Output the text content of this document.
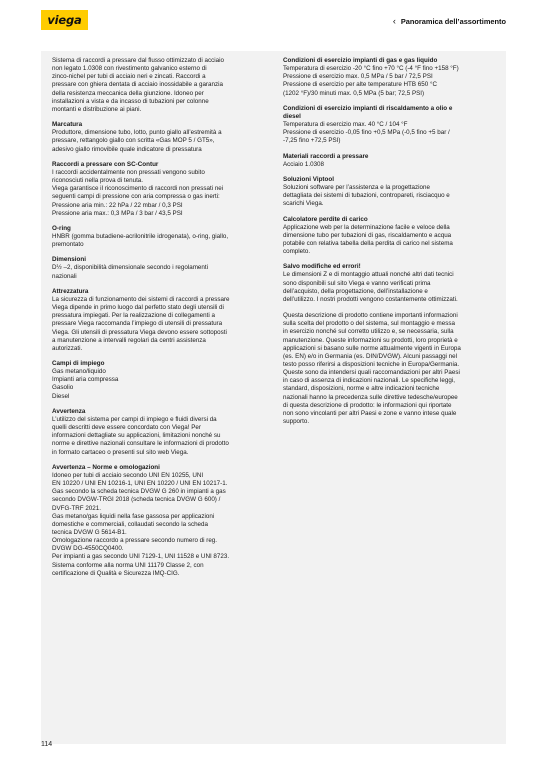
viega	‹ Panoramica dell’assortimento

Sistema di raccordi a pressare dal flusso ottimizzato di acciaio
non legato 1.0308 con rivestimento galvanico esterno di
zinco-nichel per tubi di acciaio neri e zincati. Raccordi a
pressare con ghiera dentata di acciaio inossidabile a garanzia
della resistenza meccanica della giunzione. Idoneo per
installazioni a vista e da incasso di tubazioni per colonne
montanti e distribuzione ai piani.

Marcatura

Produttore, dimensione tubo, lotto, punto giallo all’estremità a
pressare, rettangolo giallo con scritta «Gas MOP 5 / GT5»,
adesivo giallo rimovibile quale indicatore di pressatura

Raccordi a pressare con SC-Contur

I raccordi accidentalmente non pressati vengono subito
riconosciuti nella prova di tenuta.
Viega garantisce il riconoscimento di raccordi non pressati nei
seguenti campi di pressione con aria compressa o gas inerti:
Pressione aria min.: 22 hPa / 22 mbar / 0,3 PSI
Pressione aria max.: 0,3 MPa / 3 bar / 43,5 PSI

O-ring

HNBR (gomma butadiene-acrilonitrile idrogenata), o-ring, giallo,
premontato

Dimensioni

D½ –2, disponibilità dimensionale secondo i regolamenti
nazionali

Attrezzatura

La sicurezza di funzionamento dei sistemi di raccordi a pressare
Viega dipende in primo luogo dal perfetto stato degli utensili di
pressatura impiegati. Per la realizzazione di collegamenti a
pressare Viega raccomanda l’impiego di utensili di pressatura
Viega. Gli utensili di pressatura Viega devono essere sottoposti
a manutenzione a intervalli regolari da centri assistenza
autorizzati.

Campi di impiego

Gas metano/liquido
Impianti aria compressa
Gasolio
Diesel

Avvertenza

L’utilizzo del sistema per campi di impiego e fluidi diversi da
quelli descritti deve essere concordato con Viega! Per
informazioni dettagliate su applicazioni, limitazioni nonché su
norme e direttive nazionali consultare le informazioni di prodotto
in formato cartaceo o presenti sul sito web Viega.

Avvertenza – Norme e omologazioni

Idoneo per tubi di acciaio secondo UNI EN 10255, UNI
EN 10220 / UNI EN 10216-1, UNI EN 10220 / UNI EN 10217-1.
Gas secondo la scheda tecnica DVGW G 260 in impianti a gas
secondo DVGW-TRGI 2018 (scheda tecnica DVGW G 600) /
DVFG-TRF 2021.
Gas metano/gas liquidi nella fase gassosa per applicazioni
domestiche e commerciali, collaudati secondo la scheda
tecnica DVGW G 5614-B1.
Omologazione raccordo a pressare secondo numero di reg.
DVGW DG-4550CQ0400.
Per impianti a gas secondo UNI 7129-1, UNI 11528 e UNI 8723.
Sistema conforme alla norma UNI 11179 Classe 2, con
certificazione di Qualità e Sicurezza IMQ-CIG.

Condizioni di esercizio impianti di gas e gas liquido

Temperatura di esercizio -20 °C fino +70 °C (-4 °F fino +158 °F)
Pressione di esercizio max. 0,5 MPa / 5 bar / 72,5 PSI
Pressione di esercizio per alte temperature HTB 650 °C
(1202 °F)/30 minuti max. 0,5 MPa (5 bar; 72,5 PSI)

Condizioni di esercizio impianti di riscaldamento a olio e
diesel

Temperatura di esercizio max. 40 °C / 104 °F
Pressione di esercizio -0,05 fino +0,5 MPa (-0,5 fino +5 bar /
-7,25 fino +72,5 PSI)

Materiali raccordi a pressare

Acciaio 1.0308

Soluzioni Viptool

Soluzioni software per l’assistenza e la progettazione
dettagliata dei sistemi di tubazioni, contropareti, risciacquo e
scarichi Viega.

Calcolatore perdite di carico

Applicazione web per la determinazione facile e veloce della
dimensione tubo per tubazioni di gas, riscaldamento e acqua
potabile con relativa tabella della perdita di carico nel sistema
completo.

Salvo modifiche ed errori!

Le dimensioni Z e di montaggio attuali nonché altri dati tecnici
sono disponibili sul sito Viega e vanno verificati prima
dell’acquisto, della progettazione, dell’installazione e
dell’utilizzo. I nostri prodotti vengono costantemente ottimizzati.

Questa descrizione di prodotto contiene importanti informazioni
sulla scelta del prodotto o del sistema, sul montaggio e messa
in esercizio nonché sul corretto utilizzo e, se necessaria, sulla
manutenzione. Queste informazioni su prodotti, loro proprietà e
applicazioni si basano sulle norme attualmente vigenti in Europa
(es. EN) e/o in Germania (es. DIN/DVGW). Alcuni passaggi nel
testo posso riferirsi a disposizioni tecniche in Europa/Germania.
Queste sono da intendersi quali raccomandazioni per altri Paesi
in caso di assenza di indicazioni nazionali. Le specifiche leggi,
standard, disposizioni, norme e altre indicazioni tecniche
nazionali hanno la precedenza sulle direttive tedesche/europee
di questa descrizione di prodotto: le informazioni qui riportate
non sono vincolanti per altri Paesi e zone e vanno intese quale
supporto.

114
